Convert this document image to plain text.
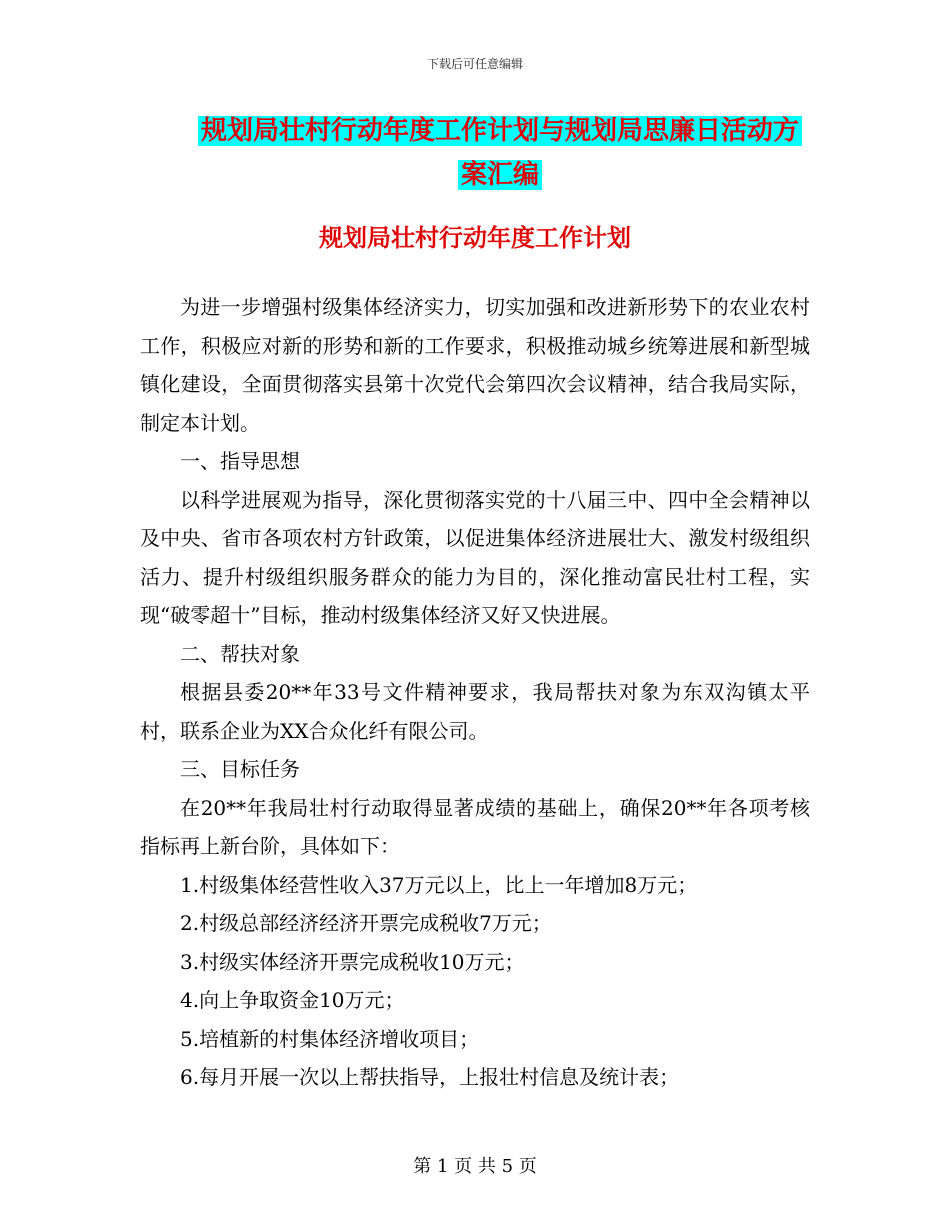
下载后可任意编辑
规划局壮村行动年度工作计划与规划局思廉日活动方
案汇编
规划局壮村行动年度工作计划

为进一步增强村级集体经济实力，切实加强和改进新形势下的农业农村工作，积极应对新的形势和新的工作要求，积极推动城乡统筹进展和新型城镇化建设，全面贯彻落实县第十次党代会第四次会议精神，结合我局实际，制定本计划。

一、指导思想

以科学进展观为指导，深化贯彻落实党的十八届三中、四中全会精神以及中央、省市各项农村方针政策，以促进集体经济进展壮大、激发村级组织活力、提升村级组织服务群众的能力为目的，深化推动富民壮村工程，实现“破零超十”目标，推动村级集体经济又好又快进展。

二、帮扶对象

根据县委20**年33号文件精神要求，我局帮扶对象为东双沟镇太平村，联系企业为XX合众化纤有限公司。

三、目标任务

在20**年我局壮村行动取得显著成绩的基础上，确保20**年各项考核指标再上新台阶，具体如下：

1.村级集体经营性收入37万元以上，比上一年增加8万元；

2.村级总部经济经济开票完成税收7万元；

3.村级实体经济开票完成税收10万元；

4.向上争取资金10万元；

5.培植新的村集体经济增收项目；

6.每月开展一次以上帮扶指导，上报壮村信息及统计表；

第 1 页 共 5 页
